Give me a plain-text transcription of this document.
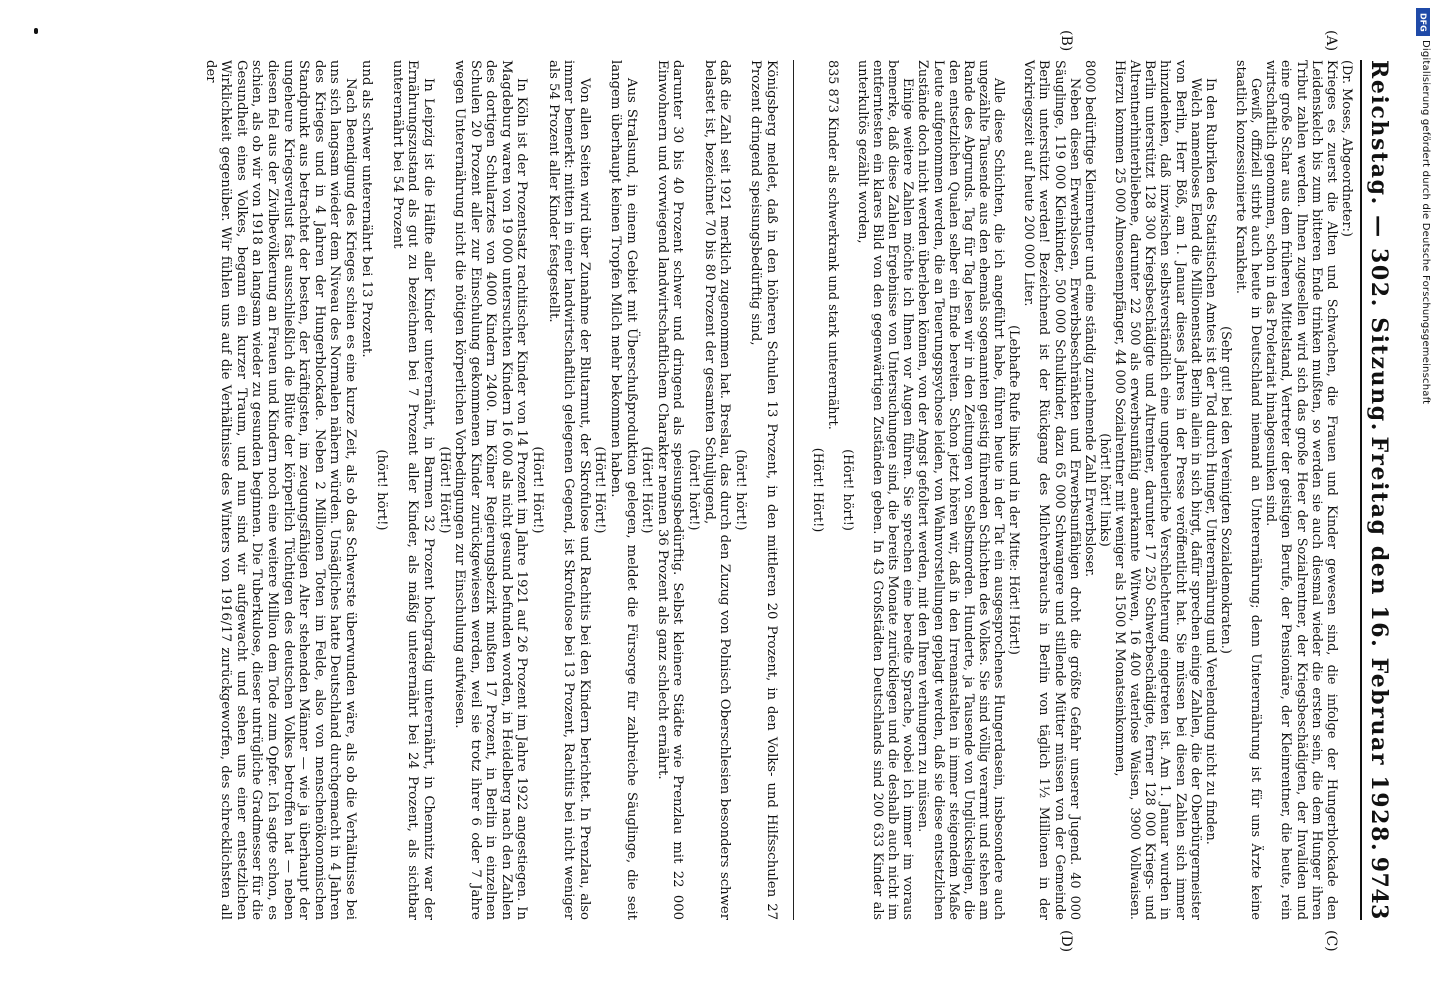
Reichstag. — 302. Sitzung.
Freitag den 16. Februar 1928.
9743

(Dr. Moses, Abgeordneter:)

Krieges es zuerst die Alten und Schwachen, die Frauen und Kinder gewesen sind, die infolge der Hungerblockade den Leidenskelch bis zum bitteren Ende trinken mußten, so werden sie auch diesmal wieder die ersten sein, die dem Hunger ihren Tribut zahlen werden. Ihnen zugesellen wird sich das große Heer der Sozialrentner, der Kriegsbeschädigten, der Invaliden und eine große Schar aus dem früheren Mittelstand, Vertreter der geistigen Berufe, der Pensionäre, der Kleinrentner, die heute, rein wirtschaftlich genommen, schon in das Proletariat hinabgesunken sind.

Gewiß, offiziell stirbt auch heute in Deutschland niemand an Unterernährung; denn Unterernährung ist für uns Ärzte keine staatlich konzessionierte Krankheit.

(Sehr gut! bei den Vereinigten Sozialdemokraten.)

In den Rubriken des Statistischen Amtes ist der Tod durch Hunger, Unterernährung und Verelendung nicht zu finden.

Welch namenloses Elend die Millionenstadt Berlin allein in sich birgt, dafür sprechen einige Zahlen, die der Oberbürgermeister von Berlin, Herr Böß, am 1. Januar dieses Jahres in der Presse veröffentlicht hat. Sie müssen bei diesen Zahlen sich immer hinzudenken, daß inzwischen selbstverständlich eine ungeheuerliche Verschlechterung eingetreten ist. Am 1. Januar wurden in Berlin unterstützt 128 300 Kriegsbeschädigte und Altrentner, darunter 17 250 Schwerbeschädigte, ferner 128 000 Kriegs- und Altrentnerhinterbliebene, darunter 22 500 als erwerbsunfähig anerkannte Witwen, 16 400 vaterlose Waisen, 3900 Vollwaisen. Hierzu kommen 25 000 Almosenempfänger, 44 000 Sozialrentner mit weniger als 1500 M Monatseinkommen,

(hört! hört! links)

8000 bedürftige Kleinrentner und eine ständig zunehmende Zahl Erwerbsloser.

Neben diesen Erwerbslosen, Erwerbsbeschränkten und Erwerbsunfähigen droht die größte Gefahr unserer Jugend. 40 000 Säuglinge, 119 000 Kleinkinder, 500 000 Schulkinder, dazu 65 000 Schwangere und stillende Mütter müssen von der Gemeinde Berlin unterstützt werden! Bezeichnend ist der Rückgang des Milchverbrauchs in Berlin von täglich 1½ Millionen in der Vorkriegszeit auf heute 200 000 Liter.

(Lebhafte Rufe links und in der Mitte: Hört! Hört!)

Alle diese Schichten, die ich angeführt habe, führen heute in der Tat ein ausgesprochenes Hungerdasein, insbesondere auch ungezählte Tausende aus den ehemals sogenannten geistig führenden Schichten des Volkes. Sie sind völlig verarmt und stehen am Rande des Abgrunds. Tag für Tag lesen wir in den Zeitungen von Selbstmorden. Hunderte, ja Tausende von Unglückseligen, die den entsetzlichen Qualen selber ein Ende bereiten. Schon jetzt hören wir, daß in den Irrenanstalten in immer steigendem Maße Leute aufgenommen werden, die an Teuerungspsychose leiden, von Wahnvorstellungen geplagt werden, daß sie diese entsetzlichen Zustände doch nicht werden überleben können, von der Angst gefoltert werden, mit den Ihren verhungern zu müssen.

Einige weitere Zahlen möchte ich Ihnen vor Augen führen. Sie sprechen eine beredte Sprache, wobei ich immer im voraus bemerke, daß diese Zahlen Ergebnisse von Untersuchungen sind, die bereits Monate zurückliegen und die deshalb auch nicht im entferntesten ein klares Bild von den gegenwärtigen Zuständen geben. In 43 Großstädten Deutschlands sind 200 633 Kinder als unterkultös gezählt worden,

(Hört! hört!)

835 873 Kinder als schwerkrank und stark unterernährt.

(Hört! Hört!)

Königsberg meldet, daß in den höheren Schulen 13 Prozent, in den mittleren 20 Prozent, in den Volks- und Hilfsschulen 27 Prozent dringend speisungsbedürftig sind,

(hört! hört!)

daß die Zahl seit 1921 merklich zugenommen hat. Breslau, das durch den Zuzug von Polnisch Oberschlesien besonders schwer belastet ist, bezeichnet 70 bis 80 Prozent der gesamten Schuljugend,

(hört! hört!)

darunter 30 bis 40 Prozent schwer und dringend als speisungsbedürftig. Selbst kleinere Städte wie Prenzlau mit 22 000 Einwohnern und vorwiegend landwirtschaftlichem Charakter nennen 36 Prozent als ganz schlecht ernährt.

(Hört! Hört!)

Aus Stralsund, in einem Gebiet mit Überschußproduktion gelegen, meldet die Fürsorge für zahlreiche Säuglinge, die seit langem überhaupt keinen Tropfen Milch mehr bekommen haben.

(Hört! Hört!)

Von allen Seiten wird über Zunahme der Blutarmut, der Skrofulose und Rachitis bei den Kindern berichtet. In Prenzlau, also immer bemerkt: mitten in einer landwirtschaftlich gelegenen Gegend, ist Skrofulose bei 13 Prozent, Rachitis bei nicht weniger als 54 Prozent aller Kinder festgestellt.

(Hört! Hört!)

In Köln ist der Prozentsatz rachitischer Kinder von 14 Prozent im Jahre 1921 auf 26 Prozent im Jahre 1922 angestiegen. In Magdeburg waren von 19 000 untersuchten Kindern 16 000 als nicht gesund befunden worden, in Heidelberg nach den Zahlen des dortigen Schularztes von 4000 Kindern 2400. Im Kölner Regierungsbezirk mußten 17 Prozent, in Berlin in einzelnen Schulen 20 Prozent aller zur Einschulung gekommenen Kinder zurückgewiesen werden, weil sie trotz ihrer 6 oder 7 Jahre wegen Unterernährung nicht die nötigen körperlichen Vorbedingungen zur Einschulung aufwiesen.

(Hört! Hört!)

In Leipzig ist die Hälfte aller Kinder unterernährt, in Barmen 32 Prozent hochgradig unterernährt, in Chemnitz war der Ernährungszustand als gut zu bezeichnen bei 7 Prozent aller Kinder, als mäßig unterernährt bei 24 Prozent, als sichtbar unterernährt bei 54 Prozent

(hört! hört!)

und als schwer unterernährt bei 13 Prozent.

Nach Beendigung des Krieges schien es eine kurze Zeit, als ob das Schwerste überwunden wäre, als ob die Verhältnisse bei uns sich langsam wieder dem Niveau des Normalen nähern würden. Unsägliches hatte Deutschland durchgemacht in 4 Jahren des Krieges und in 4 Jahren der Hungerblockade. Neben 2 Millionen Toten im Felde, also von menschenökonomischen Standpunkt aus betrachtet der besten, der kräftigsten, im zeugungsfähigen Alter stehenden Männer — wie ja überhaupt der ungeheure Kriegsverlust fast ausschließlich die Blüte der körperlich Tüchtigen des deutschen Volkes betroffen hat — neben diesen fiel aus der Zivilbevölkerung an Frauen und Kindern noch eine weitere Million dem Tode zum Opfer. Ich sagte schon, es schien, als ob wir von 1918 an langsam wieder zu gesunden beginnen. Die Tuberkulose, dieser untrügliche Gradmesser für die Gesundheit eines Volkes, begann ein kurzer Traum, und nun sind wir aufgewacht und sehen uns einer entsetzlichen Wirklichkeit gegenüber. Wir fühlen uns auf die Verhältnisse des Winters von 1916/17 zurückgeworfen, des schrecklichsten all der

(A)
(B)
(C)
(D)
DFG
Digitalisierung gefördert durch die Deutsche Forschungsgemeinschaft
